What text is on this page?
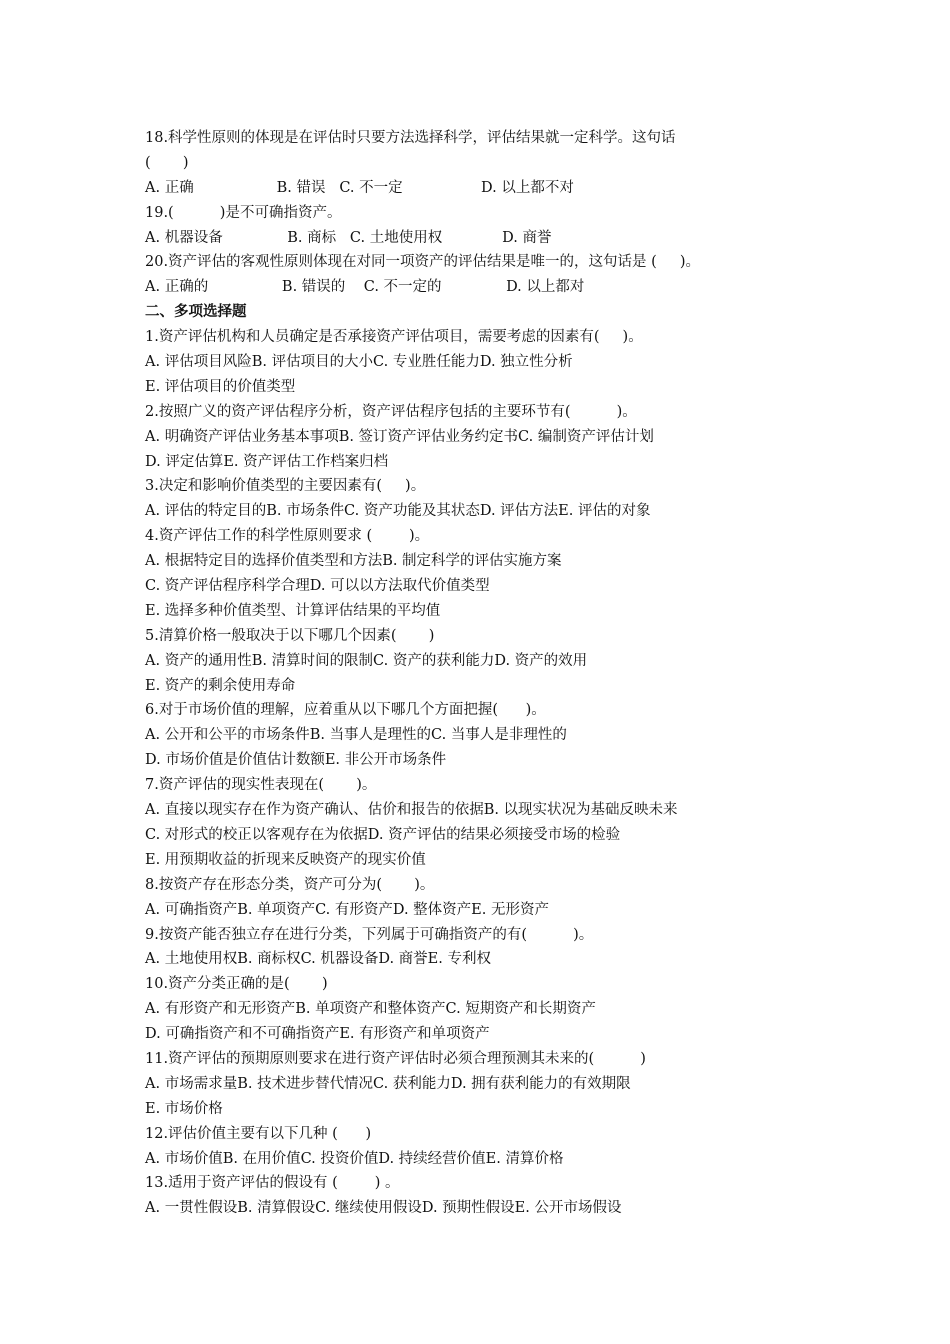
18.科学性原则的体现是在评估时只要方法选择科学，评估结果就一定科学。这句话
(       )
A. 正确                  B. 错误   C. 不一定                 D. 以上都不对
19.(          )是不可确指资产。
A. 机器设备              B. 商标   C. 土地使用权             D. 商誉
20.资产评估的客观性原则体现在对同一项资产的评估结果是唯一的，这句话是 (     )。
A. 正确的                B. 错误的    C. 不一定的              D. 以上都对
二、多项选择题
1.资产评估机构和人员确定是否承接资产评估项目，需要考虑的因素有(     )。
A. 评估项目风险B. 评估项目的大小C. 专业胜任能力D. 独立性分析
E. 评估项目的价值类型
2.按照广义的资产评估程序分析，资产评估程序包括的主要环节有(          )。
A. 明确资产评估业务基本事项B. 签订资产评估业务约定书C. 编制资产评估计划
D. 评定估算E. 资产评估工作档案归档
3.决定和影响价值类型的主要因素有(     )。
A. 评估的特定目的B. 市场条件C. 资产功能及其状态D. 评估方法E. 评估的对象
4.资产评估工作的科学性原则要求 (        )。
A. 根据特定目的选择价值类型和方法B. 制定科学的评估实施方案
C. 资产评估程序科学合理D. 可以以方法取代价值类型
E. 选择多种价值类型、计算评估结果的平均值
5.清算价格一般取决于以下哪几个因素(       )
A. 资产的通用性B. 清算时间的限制C. 资产的获利能力D. 资产的效用
E. 资产的剩余使用寿命
6.对于市场价值的理解，应着重从以下哪几个方面把握(      )。
A. 公开和公平的市场条件B. 当事人是理性的C. 当事人是非理性的
D. 市场价值是价值估计数额E. 非公开市场条件
7.资产评估的现实性表现在(       )。
A. 直接以现实存在作为资产确认、估价和报告的依据B. 以现实状况为基础反映未来
C. 对形式的校正以客观存在为依据D. 资产评估的结果必须接受市场的检验
E. 用预期收益的折现来反映资产的现实价值
8.按资产存在形态分类，资产可分为(       )。
A. 可确指资产B. 单项资产C. 有形资产D. 整体资产E. 无形资产
9.按资产能否独立存在进行分类，下列属于可确指资产的有(          )。
A. 土地使用权B. 商标权C. 机器设备D. 商誉E. 专利权
10.资产分类正确的是(       )
A. 有形资产和无形资产B. 单项资产和整体资产C. 短期资产和长期资产
D. 可确指资产和不可确指资产E. 有形资产和单项资产
11.资产评估的预期原则要求在进行资产评估时必须合理预测其未来的(          )
A. 市场需求量B. 技术进步替代情况C. 获利能力D. 拥有获利能力的有效期限
E. 市场价格
12.评估价值主要有以下几种 (      )
A. 市场价值B. 在用价值C. 投资价值D. 持续经营价值E. 清算价格
13.适用于资产评估的假设有 (        ) 。
A. 一贯性假设B. 清算假设C. 继续使用假设D. 预期性假设E. 公开市场假设
